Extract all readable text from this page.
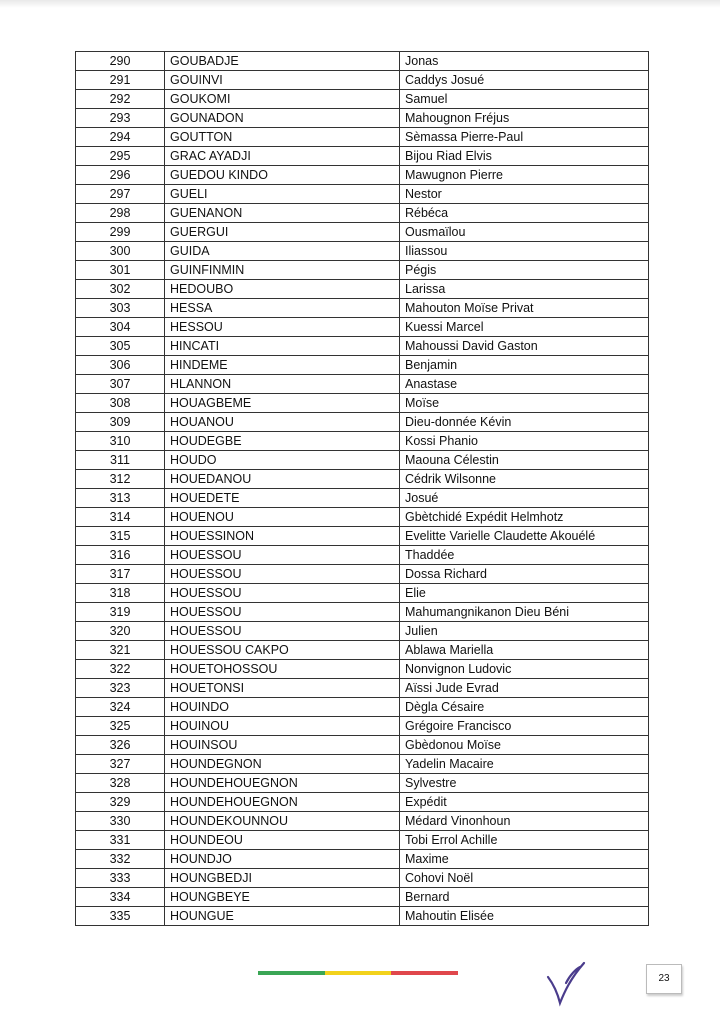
290	GOUBADJE	Jonas
291	GOUINVI	Caddys Josué
292	GOUKOMI	Samuel
293	GOUNADON	Mahougnon Fréjus
294	GOUTTON	Sèmassa Pierre-Paul
295	GRAC AYADJI	Bijou Riad Elvis
296	GUEDOU KINDO	Mawugnon Pierre
297	GUELI	Nestor
298	GUENANON	Rébéca
299	GUERGUI	Ousmaïlou
300	GUIDA	Iliassou
301	GUINFINMIN	Pégis
302	HEDOUBO	Larissa
303	HESSA	Mahouton Moïse Privat
304	HESSOU	Kuessi Marcel
305	HINCATI	Mahoussi David Gaston
306	HINDEME	Benjamin
307	HLANNON	Anastase
308	HOUAGBEME	Moïse
309	HOUANOU	Dieu-donnée Kévin
310	HOUDEGBE	Kossi Phanio
311	HOUDO	Maouna Célestin
312	HOUEDANOU	Cédrik Wilsonne
313	HOUEDETE	Josué
314	HOUENOU	Gbètchidé Expédit Helmhotz
315	HOUESSINON	Evelitte Varielle Claudette Akouélé
316	HOUESSOU	Thaddée
317	HOUESSOU	Dossa Richard
318	HOUESSOU	Elie
319	HOUESSOU	Mahumangnikanon Dieu Béni
320	HOUESSOU	Julien
321	HOUESSOU CAKPO	Ablawa Mariella
322	HOUETOHOSSOU	Nonvignon Ludovic
323	HOUETONSI	Aïssi Jude Evrad
324	HOUINDO	Dègla Césaire
325	HOUINOU	Grégoire Francisco
326	HOUINSOU	Gbèdonou Moïse
327	HOUNDEGNON	Yadelin Macaire
328	HOUNDEHOUEGNON	Sylvestre
329	HOUNDEHOUEGNON	Expédit
330	HOUNDEKOUNNOU	Médard Vinonhoun
331	HOUNDEOU	Tobi Errol Achille
332	HOUNDJO	Maxime
333	HOUNGBEDJI	Cohovi Noël
334	HOUNGBEYE	Bernard
335	HOUNGUE	Mahoutin Elisée
23
